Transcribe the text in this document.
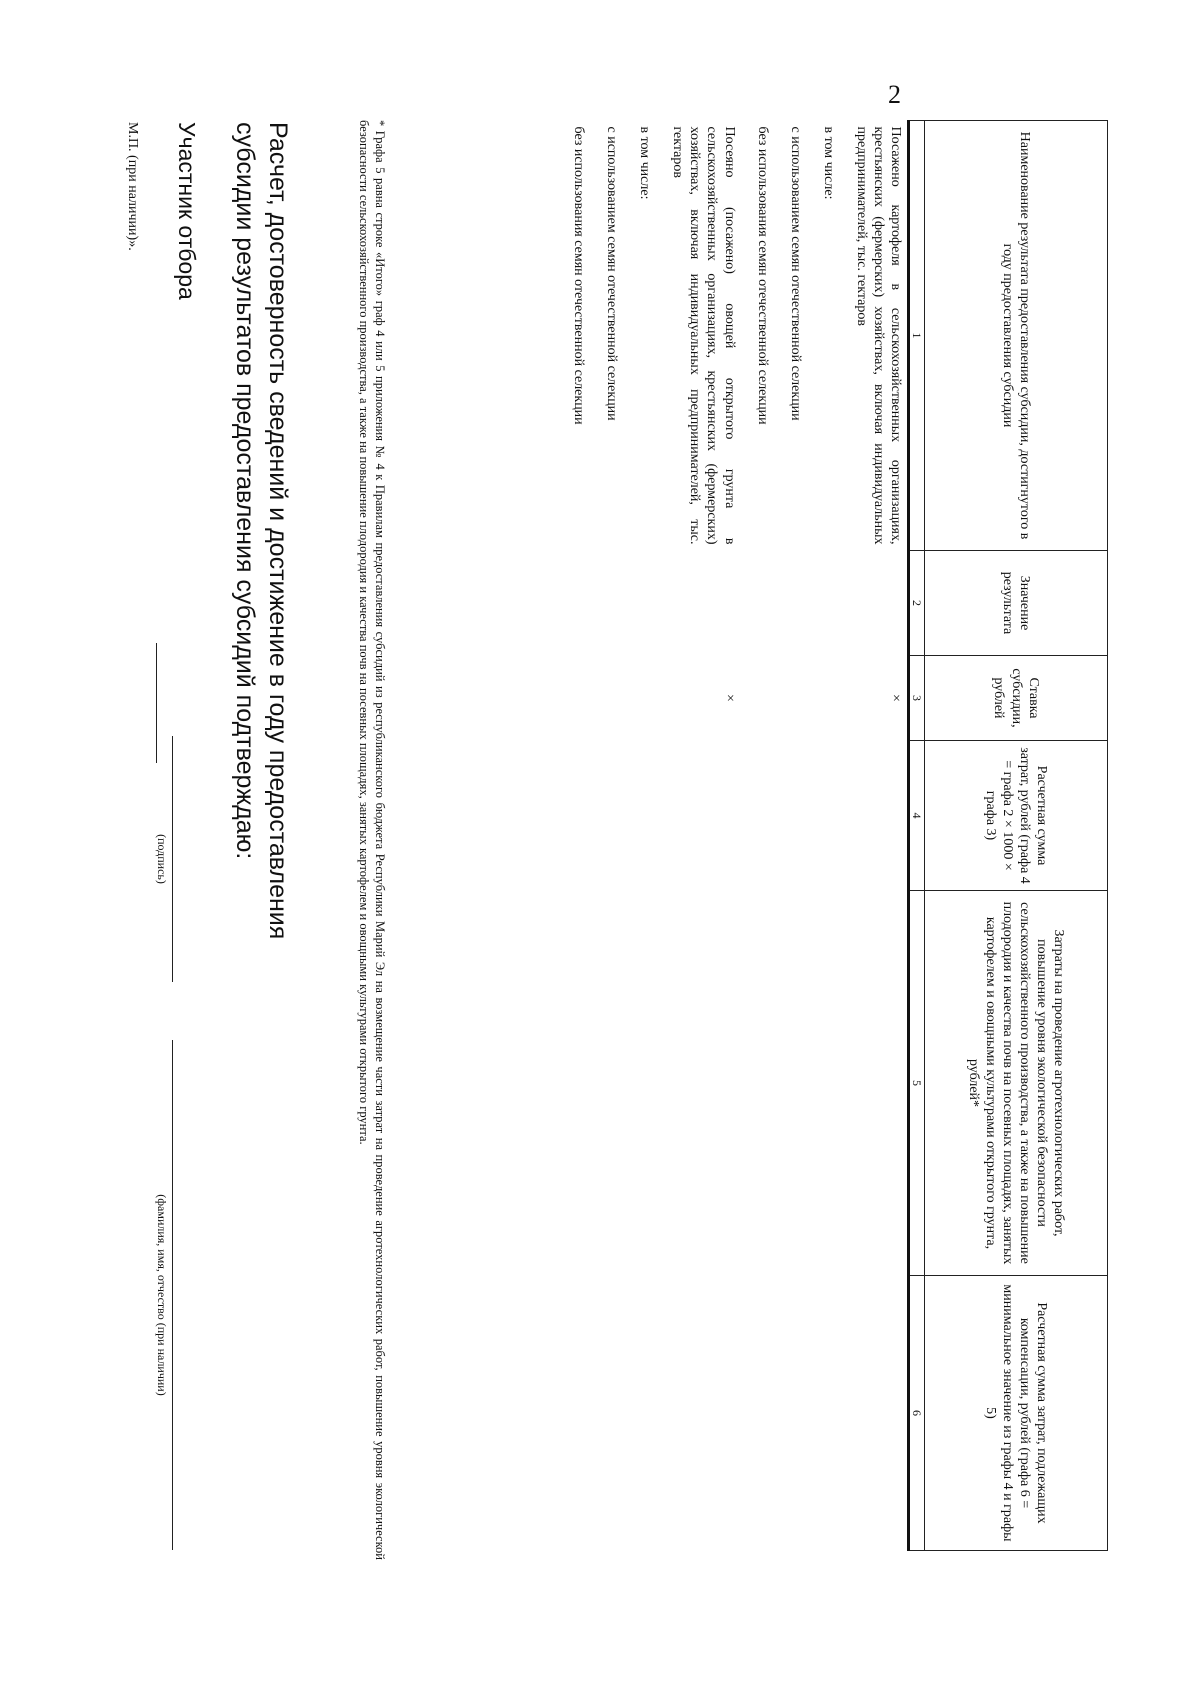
2
Наименование результата предоставления субсидии, достигнутого в году предоставления субсидии	Значение результата	Ставка субсидии, рублей	Расчетная сумма затрат, рублей (графа 4 = графа 2 × 1000 × графа 3)	Затраты на проведение агротехнологических работ, повышение уровня экологической безопасности сельскохозяйственного производства, а также на повышение плодородия и качества почв на посевных площадях, занятых картофелем и овощными культурами открытого грунта, рублей*	Расчетная сумма затрат, подлежащих компенсации, рублей (графа 6 = минимальное значение из графы 4 и графы 5)
1	2	3	4	5	6
Посажено картофеля в сельскохозяйственных организациях, крестьянских (фермерских) хозяйствах, включая индивидуальных предпринимателей, тыс. гектаров		×			

в том числе:					

с использованием семян отечественной селекции					

без использования семян отечественной селекции					

Посеяно (посажено) овощей открытого грунта в сельскохозяйственных организациях, крестьянских (фермерских) хозяйствах, включая индивидуальных предпринимателей, тыс. гектаров		×			

в том числе:					

с использованием семян отечественной селекции					

без использования семян отечественной селекции					
* Графа 5 равна строке «Итого» граф 4 или 5 приложения № 4 к Правилам предоставления субсидий из республиканского бюджета Республики Марий Эл на возмещение части затрат на проведение агротехнологических работ, повышение уровня экологической безопасности сельскохозяйственного производства, а также на повышение плодородия и качества почв на посевных площадях, занятых картофелем и овощными культурами открытого грунта.
Расчет, достоверность сведений и достижение в году предоставления
субсидии результатов предоставления субсидий подтверждаю:
Участник отбора
(подпись)
(фамилия, имя, отчество (при наличии)
М.П. (при наличии)».
